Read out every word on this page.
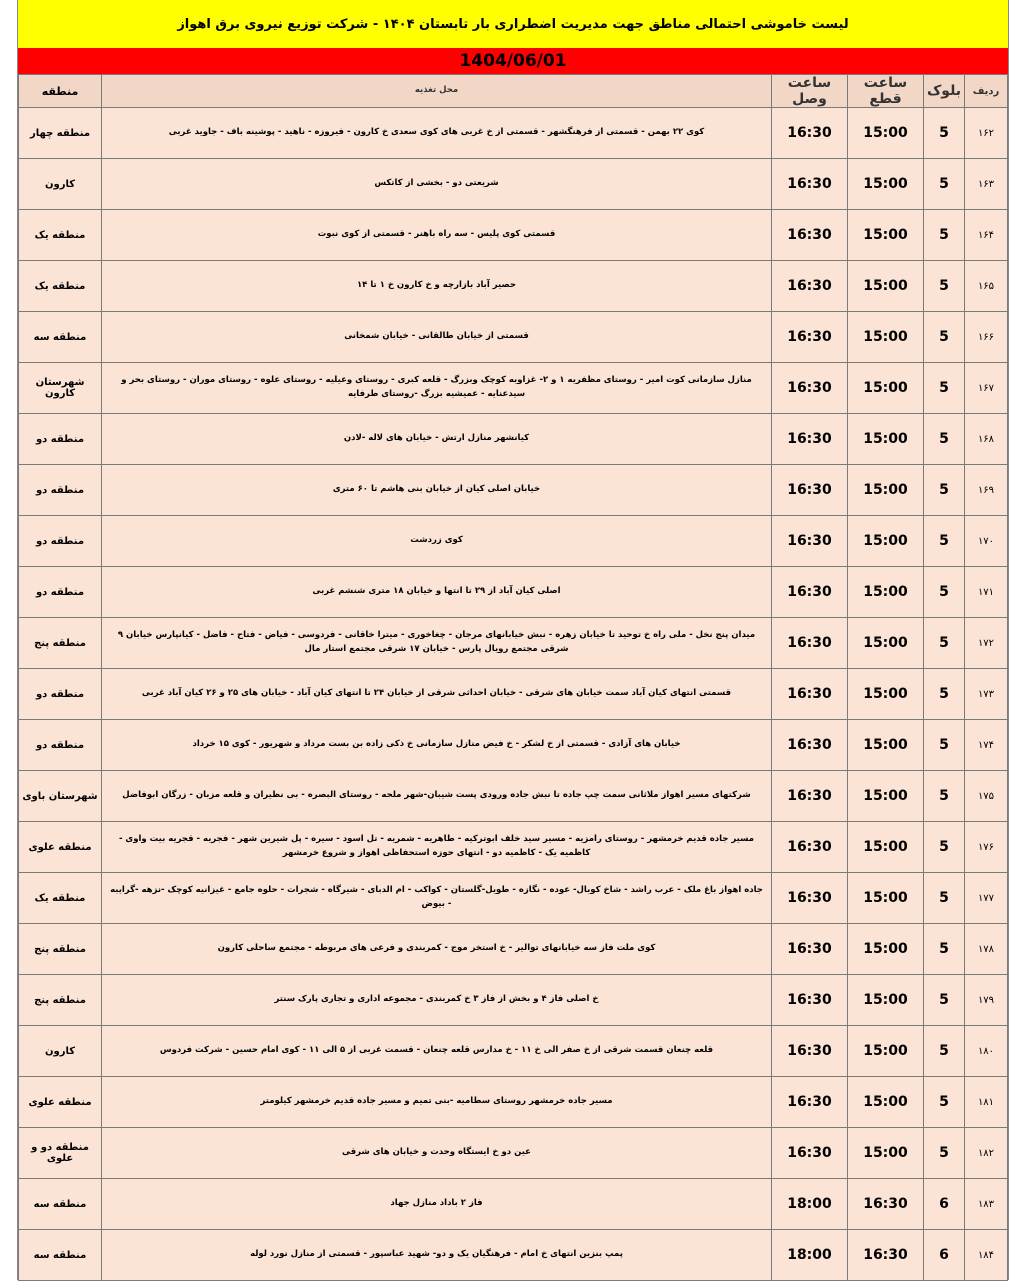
لیست خاموشی احتمالی مناطق جهت مدیریت اضطراری بار تابستان ۱۴۰۴ - شرکت توزیع نیروی برق اهواز
1404/06/01
ردیف	بلوک	ساعت قطع	ساعت وصل	محل تغذیه	منطقه
۱۶۲	5	15:00	16:30	کوی ۲۲ بهمن - قسمتی از فرهنگشهر - قسمتی از خ غربی های کوی سعدی خ کارون - فیروزه - ناهید - پوشینه باف - جاوید غربی	منطقه چهار
۱۶۳	5	15:00	16:30	شریعتی دو - بخشی از کاتکس	کارون
۱۶۴	5	15:00	16:30	قسمتی کوی پلیس - سه راه باهنر - قسمتی از کوی نبوت	منطقه یک
۱۶۵	5	15:00	16:30	حصیر آباد بازارچه و خ کارون خ ۱ تا ۱۴	منطقه یک
۱۶۶	5	15:00	16:30	قسمتی از خیابان طالقانی - خیابان شمخانی	منطقه سه
۱۶۷	5	15:00	16:30	منازل سازمانی کوت امیر - روستای مظفریه ۱ و ۲- غزاویه کوچک وبزرگ - قلعه کبری - روستای وعیلیه - روستای علوه - روستای موران - روستای بحر و سیدعنایه - عمیشیه بزرگ -روستای طرفایه	شهرستان کارون
۱۶۸	5	15:00	16:30	کیانشهر منازل ارتش - خیابان های لاله -لادن	منطقه دو
۱۶۹	5	15:00	16:30	خیابان اصلی کیان از خیابان بنی هاشم تا ۶۰ متری	منطقه دو
۱۷۰	5	15:00	16:30	کوی زردشت	منطقه دو
۱۷۱	5	15:00	16:30	اصلی کیان آباد از ۲۹ تا انتها و خیابان ۱۸ متری شنشم غربی	منطقه دو
۱۷۲	5	15:00	16:30	میدان پنج نخل - ملی راه خ توحید تا خیابان زهره - نبش خیابانهای مرجان - چغاخوری - میترا خاقانی - فردوسی - فیاض - فتاح - فاضل - کیانپارس خیابان ۹ شرقی مجتمع رویال پارس - خیابان ۱۷ شرقی مجتمع استار مال	منطقه پنج
۱۷۳	5	15:00	16:30	قسمتی انتهای کیان آباد سمت خیابان های شرقی - خیابان احداثی شرقی از خیابان ۲۴ تا انتهای کیان آباد - خیابان های ۲۵ و ۲۶ کیان آباد غربی	منطقه دو
۱۷۴	5	15:00	16:30	خیابان های آزادی - قسمتی از خ لشکر - خ فیض منازل سازمانی خ ذکی زاده بن بست مرداد و شهریور - کوی ۱۵ خرداد	منطقه دو
۱۷۵	5	15:00	16:30	شرکتهای مسیر اهواز ملاثانی سمت چپ جاده تا نبش جاده ورودی پست شیبان-شهر ملحه - روستای البصره - بی نظیران و قلعه مزبان - زرگان ابوفاضل	شهرستان باوی
۱۷۶	5	15:00	16:30	مسیر جاده قدیم خرمشهر - روستای رامزیه - مسیر سید خلف ابوترکیه - طاهریه - شمریه - تل اسود - سیره - پل شیرین شهر - فجریه - قجریه بیت واوی - کاظمیه یک - کاظمیه دو - انتهای حوزه استحفاظی اهواز و شروع خرمشهر	منطقه علوی
۱۷۷	5	15:00	16:30	جاده اهواز باغ ملک - عرب راشد - شاخ کوبال- عوده - نگازه - طویل-گلستان - کواکب - ام الدبای - شیرگاه - شجرات - حلوه جامع - غیزانیه کوچک -نزهه -گرایبه - بیوض	منطقه یک
۱۷۸	5	15:00	16:30	کوی ملت فاز سه خیابانهای توالیر - خ استخر موج - کمربندی و فرعی های مربوطه - مجتمع ساحلی کارون	منطقه پنج
۱۷۹	5	15:00	16:30	خ اصلی فاز ۴ و بخش از فاز ۳ خ کمربندی - مجموعه اداری و تجاری پارک سنتر	منطقه پنج
۱۸۰	5	15:00	16:30	قلعه چنعان قسمت شرقی از خ صفر الی خ ۱۱ - خ مدارس قلعه چنعان - قسمت غربی از ۵ الی ۱۱ - کوی امام حسین - شرکت فردوس	کارون
۱۸۱	5	15:00	16:30	مسیر جاده خرمشهر روستای سطامیه -بنی تمیم و مسیر جاده قدیم خرمشهر کیلومتر	منطقه علوی
۱۸۲	5	15:00	16:30	عین دو خ ایستگاه وحدت و خیابان های شرقی	منطقه دو و علوی
۱۸۳	6	16:30	18:00	فاز ۲ باداد منازل جهاد	منطقه سه
۱۸۴	6	16:30	18:00	پمپ بنزین انتهای خ امام - فرهنگیان یک و دو- شهید عباسپور - قسمتی از منازل نورد لوله	منطقه سه
